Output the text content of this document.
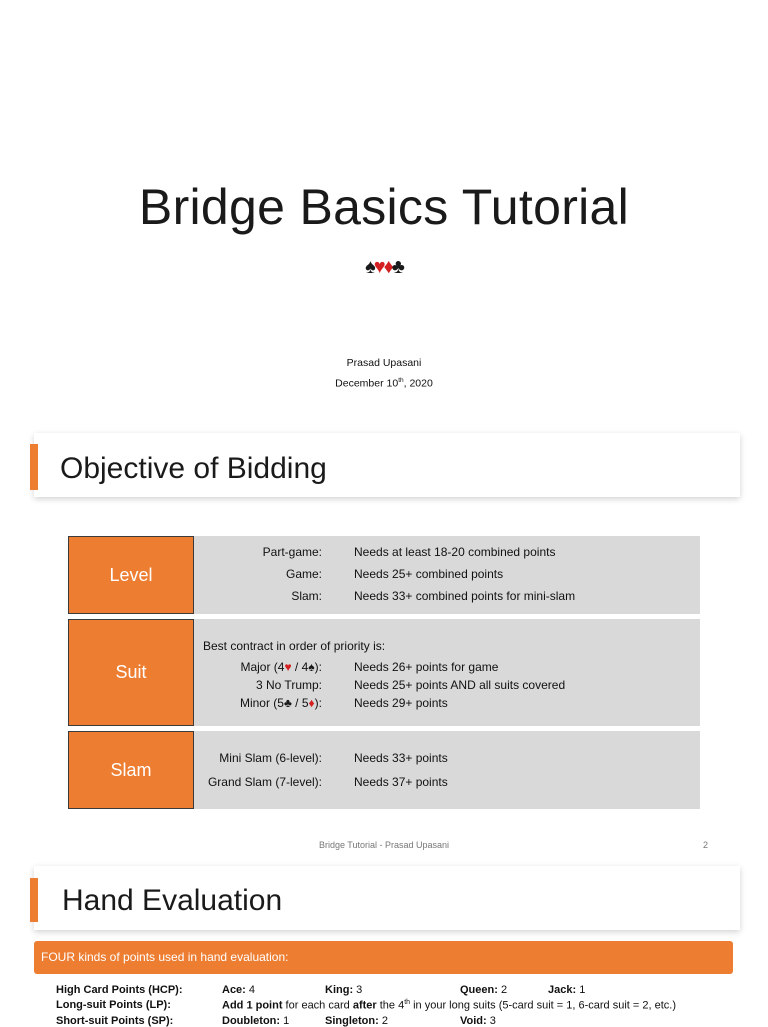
Bridge Basics Tutorial
♠♥♦♣
Prasad Upasani
December 10th, 2020
Objective of Bidding
Level
Part-game:	Needs at least 18-20 combined points
Game:	Needs 25+ combined points
Slam:	Needs 33+ combined points for mini-slam
Suit
Best contract in order of priority is:
Major (4♥ / 4♠):	Needs 26+ points for game
3 No Trump:	Needs 25+ points AND all suits covered
Minor (5♣ / 5♦):	Needs 29+ points
Slam
Mini Slam (6-level):	Needs 33+ points
Grand Slam (7-level):	Needs 37+ points
Bridge Tutorial - Prasad Upasani	2
Hand Evaluation
FOUR kinds of points used in hand evaluation:
High Card Points (HCP):	Ace: 4	King: 3	Queen: 2	Jack: 1
Long-suit Points (LP):	Add 1 point for each card after the 4th in your long suits (5-card suit = 1, 6-card suit = 2, etc.)
Short-suit Points (SP):	Doubleton: 1	Singleton: 2	Void: 3
